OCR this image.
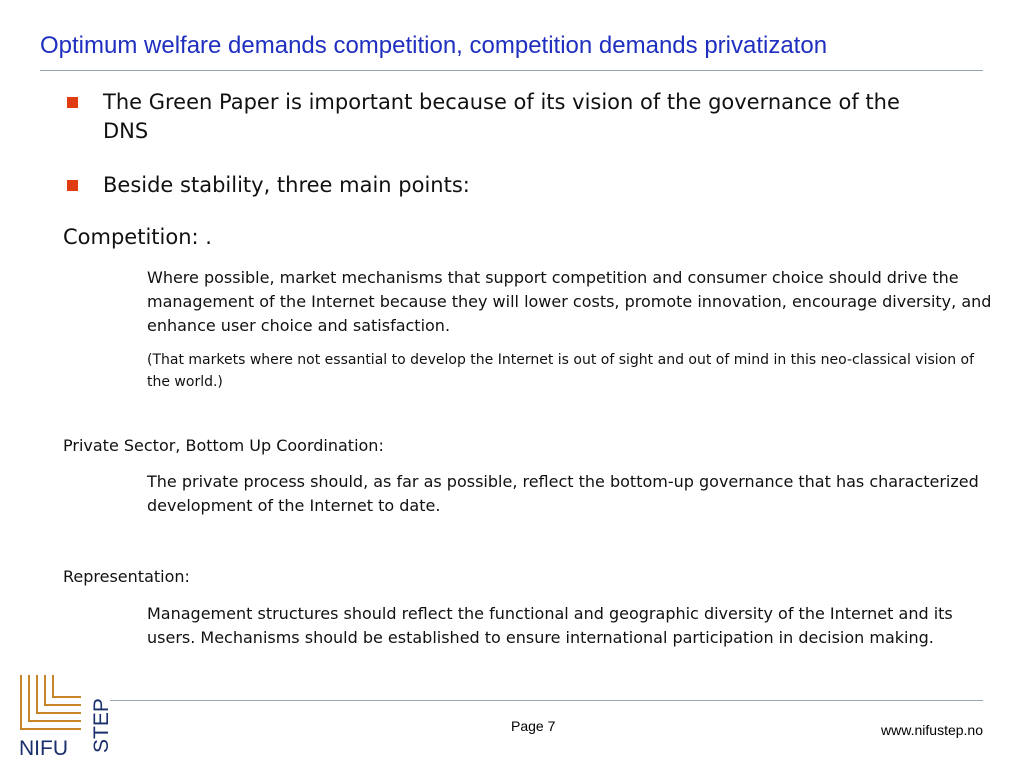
Optimum welfare demands competition, competition demands privatizaton
The Green Paper is important because of its vision of the governance of the DNS
Beside stability, three main points:
Competition: .
Where possible, market mechanisms that support competition and consumer choice should drive the management of the Internet because they will lower costs, promote innovation, encourage diversity, and enhance user choice and satisfaction.
(That markets where not essantial to develop the Internet is out of sight and out of mind in this neo-classical vision of the world.)
Private Sector, Bottom Up Coordination:
The private process should, as far as possible, reflect the bottom-up governance that has characterized development of the Internet to date.
Representation:
Management structures should reflect the functional and geographic diversity of the Internet and its users. Mechanisms should be established to ensure international participation in decision making.
NIFU STEP	Page 7	www.nifustep.no
